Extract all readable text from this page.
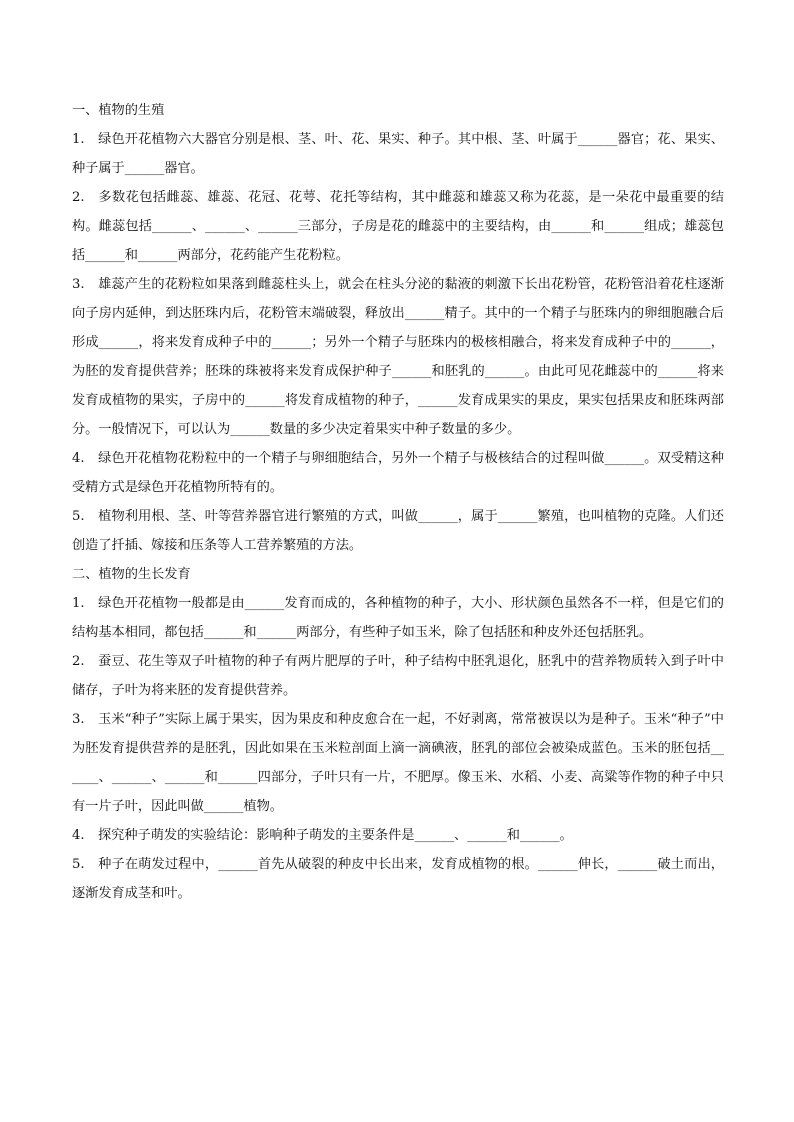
一、植物的生殖

1. 绿色开花植物六大器官分别是根、茎、叶、花、果实、种子。其中根、茎、叶属于______器官；花、果实、种子属于______器官。

2. 多数花包括雌蕊、雄蕊、花冠、花萼、花托等结构，其中雌蕊和雄蕊又称为花蕊，是一朵花中最重要的结构。雌蕊包括______、______、______三部分，子房是花的雌蕊中的主要结构，由______和______组成；雄蕊包括______和______两部分，花药能产生花粉粒。

3. 雄蕊产生的花粉粒如果落到雌蕊柱头上，就会在柱头分泌的黏液的刺激下长出花粉管，花粉管沿着花柱逐渐向子房内延伸，到达胚珠内后，花粉管末端破裂，释放出______精子。其中的一个精子与胚珠内的卵细胞融合后形成______，将来发育成种子中的______；另外一个精子与胚珠内的极核相融合，将来发育成种子中的______，为胚的发育提供营养；胚珠的珠被将来发育成保护种子______和胚乳的______。由此可见花雌蕊中的______将来发育成植物的果实，子房中的______将发育成植物的种子，______发育成果实的果皮，果实包括果皮和胚珠两部分。一般情况下，可以认为______数量的多少决定着果实中种子数量的多少。

4. 绿色开花植物花粉粒中的一个精子与卵细胞结合，另外一个精子与极核结合的过程叫做______。双受精这种受精方式是绿色开花植物所特有的。

5. 植物利用根、茎、叶等营养器官进行繁殖的方式，叫做______，属于______繁殖，也叫植物的克隆。人们还创造了扦插、嫁接和压条等人工营养繁殖的方法。

二、植物的生长发育

1. 绿色开花植物一般都是由______发育而成的，各种植物的种子，大小、形状颜色虽然各不一样，但是它们的结构基本相同，都包括______和______两部分，有些种子如玉米，除了包括胚和种皮外还包括胚乳。

2. 蚕豆、花生等双子叶植物的种子有两片肥厚的子叶，种子结构中胚乳退化，胚乳中的营养物质转入到子叶中储存，子叶为将来胚的发育提供营养。

3. 玉米“种子”实际上属于果实，因为果皮和种皮愈合在一起，不好剥离，常常被误以为是种子。玉米“种子”中为胚发育提供营养的是胚乳，因此如果在玉米粒剖面上滴一滴碘液，胚乳的部位会被染成蓝色。玉米的胚包括______、______、______和______四部分，子叶只有一片，不肥厚。像玉米、水稻、小麦、高粱等作物的种子中只有一片子叶，因此叫做______植物。

4. 探究种子萌发的实验结论：影响种子萌发的主要条件是______、______和______。

5. 种子在萌发过程中，______首先从破裂的种皮中长出来，发育成植物的根。______伸长，______破土而出，逐渐发育成茎和叶。
